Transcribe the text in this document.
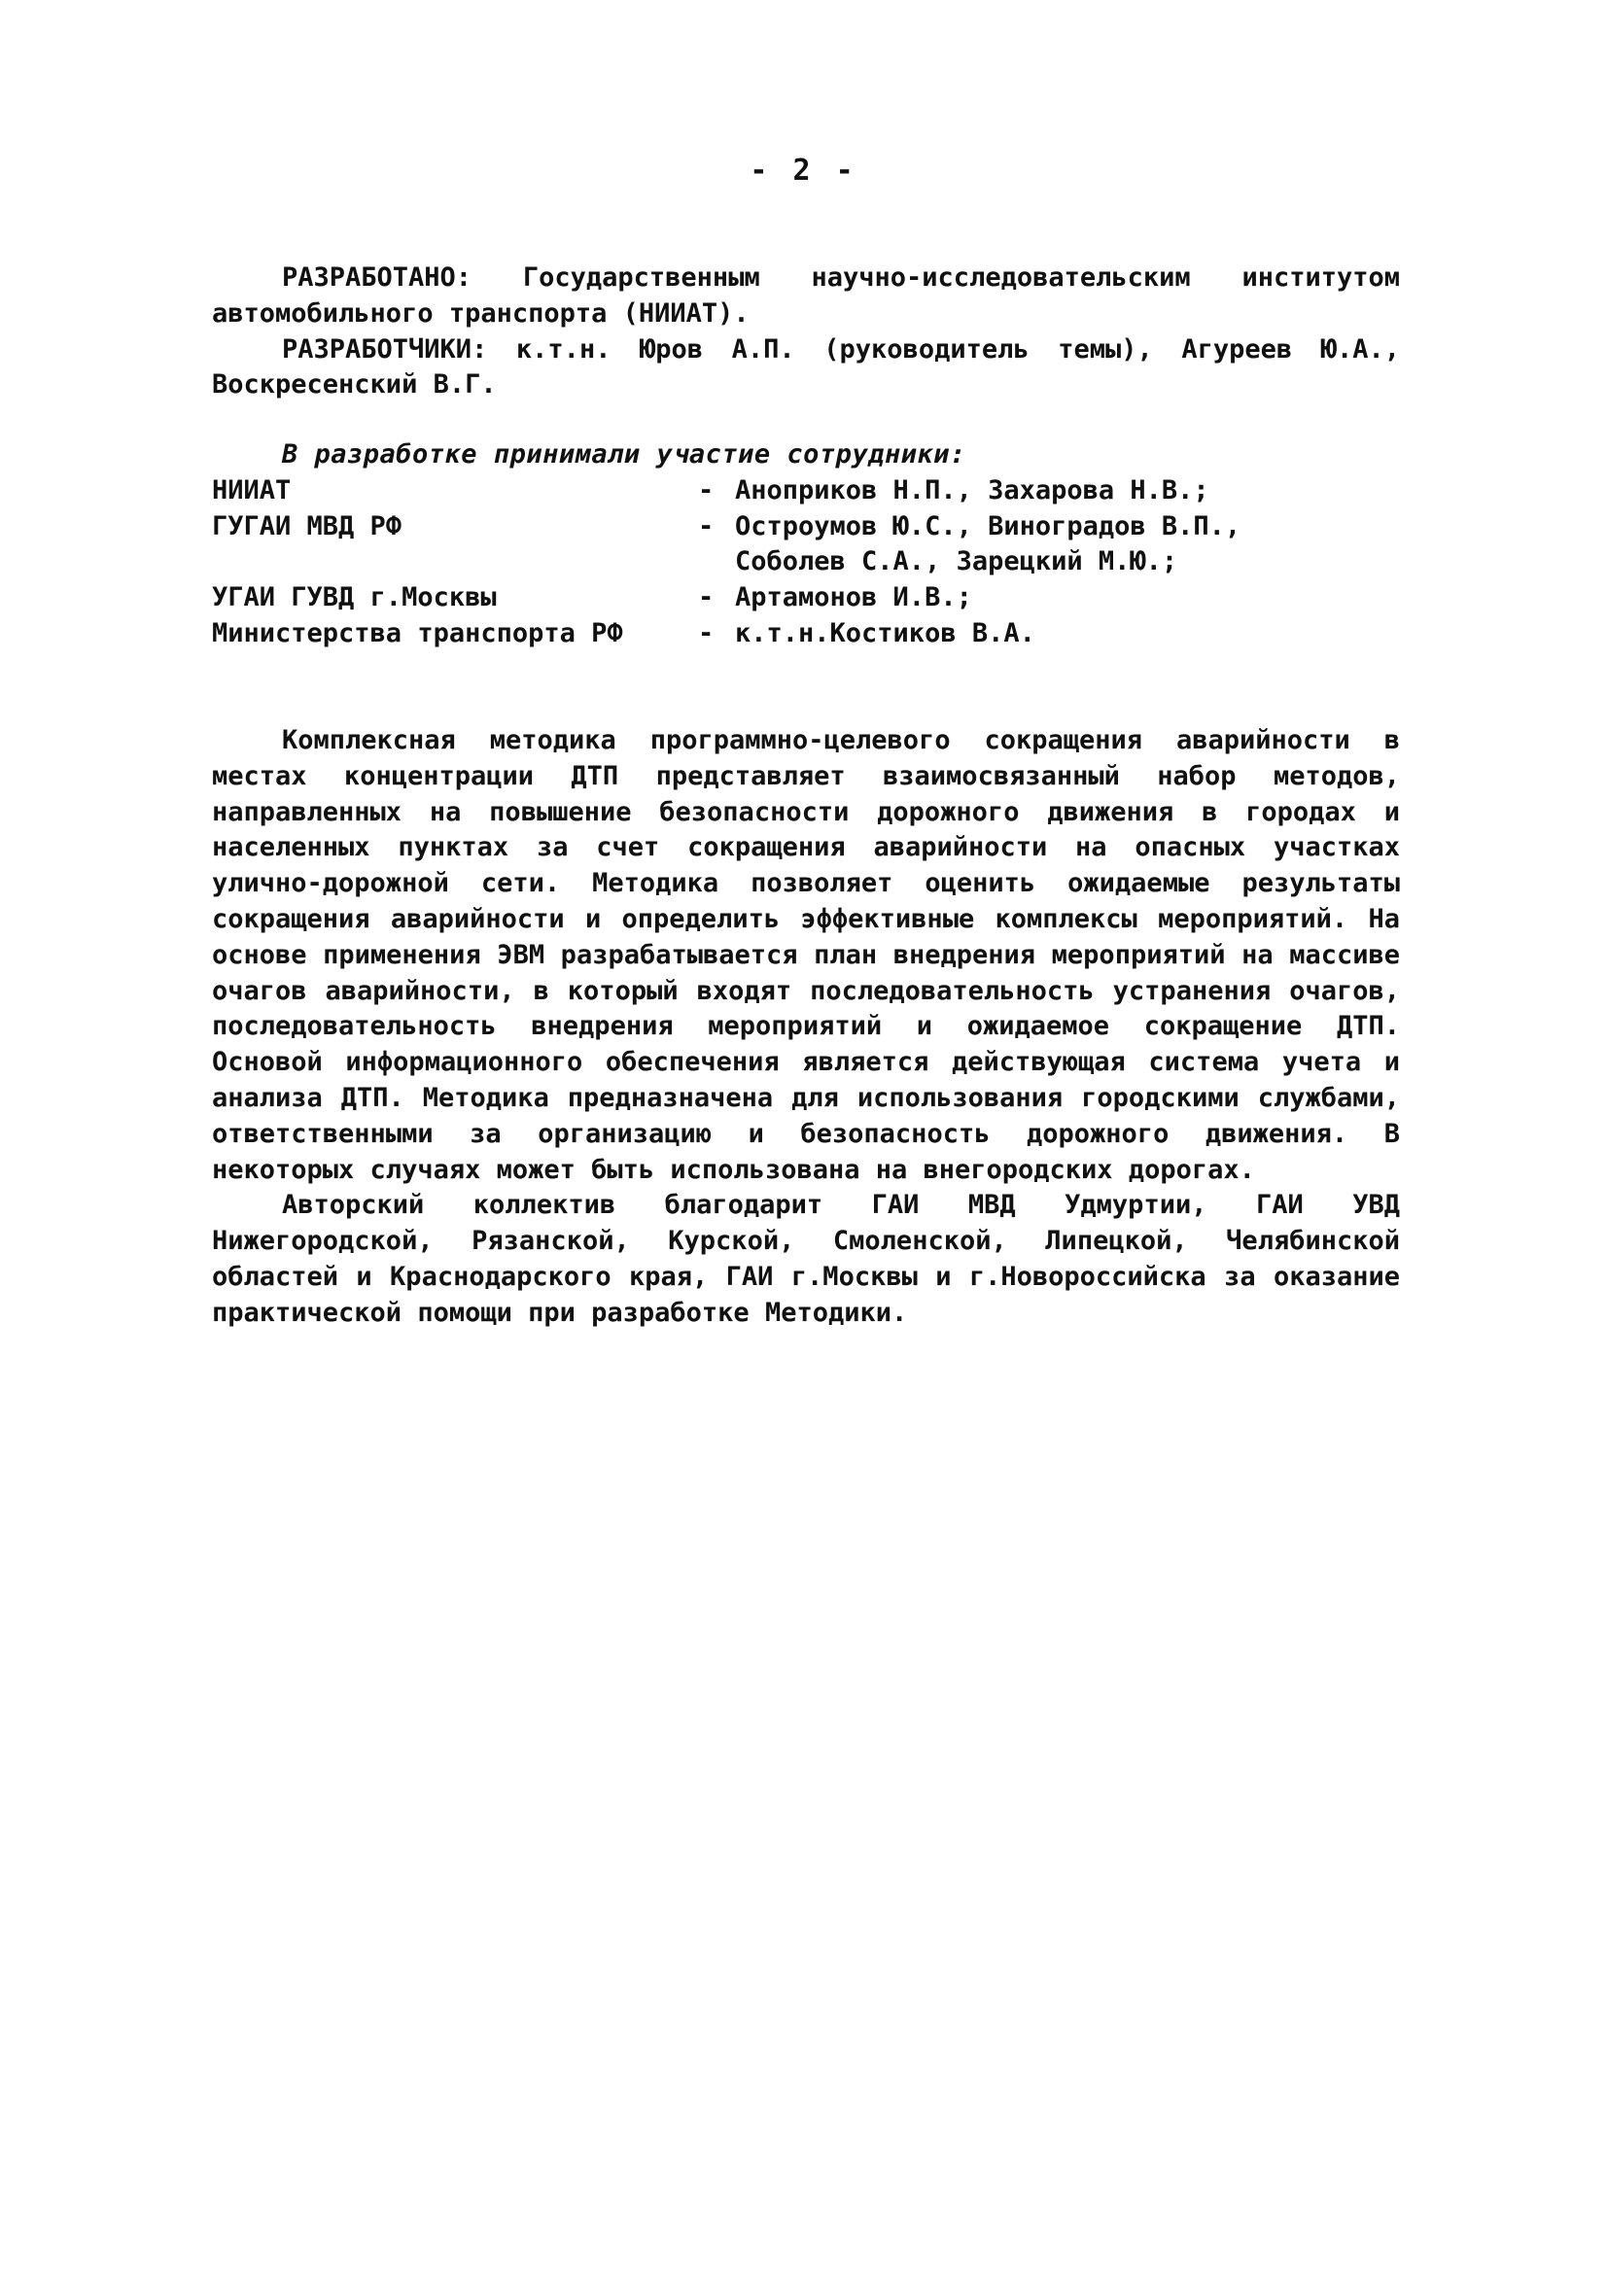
- 2 -

РАЗРАБОТАНО: Государственным научно-исследовательским институтом автомобильного транспорта (НИИАТ).

РАЗРАБОТЧИКИ: к.т.н. Юров А.П. (руководитель темы), Агуреев Ю.А., Воскресенский В.Г.

В разработке принимали участие сотрудники:

НИИАТ	- Аноприков Н.П., Захарова Н.В.;
ГУГАИ МВД РФ	- Остроумов Ю.С., Виноградов В.П.,
Соболев С.А., Зарецкий М.Ю.;
УГАИ ГУВД г.Москвы	- Артамонов И.В.;
Министерства транспорта РФ	- к.т.н.Костиков В.А.

Комплексная методика программно-целевого сокращения аварийности в местах концентрации ДТП представляет взаимосвязанный набор методов, направленных на повышение безопасности дорожного движения в городах и населенных пунктах за счет сокращения аварийности на опасных участках улично-дорожной сети. Методика позволяет оценить ожидаемые результаты сокращения аварийности и определить эффективные комплексы мероприятий. На основе применения ЭВМ разрабатывается план внедрения мероприятий на массиве очагов аварийности, в который входят последовательность устранения очагов, последовательность внедрения мероприятий и ожидаемое сокращение ДТП. Основой информационного обеспечения является действующая система учета и анализа ДТП. Методика предназначена для использования городскими службами, ответственными за организацию и безопасность дорожного движения. В некоторых случаях может быть использована на внегородских дорогах.

Авторский коллектив благодарит ГАИ МВД Удмуртии, ГАИ УВД Нижегородской, Рязанской, Курской, Смоленской, Липецкой, Челябинской областей и Краснодарского края, ГАИ г.Москвы и г.Новороссийска за оказание практической помощи при разработке Методики.
